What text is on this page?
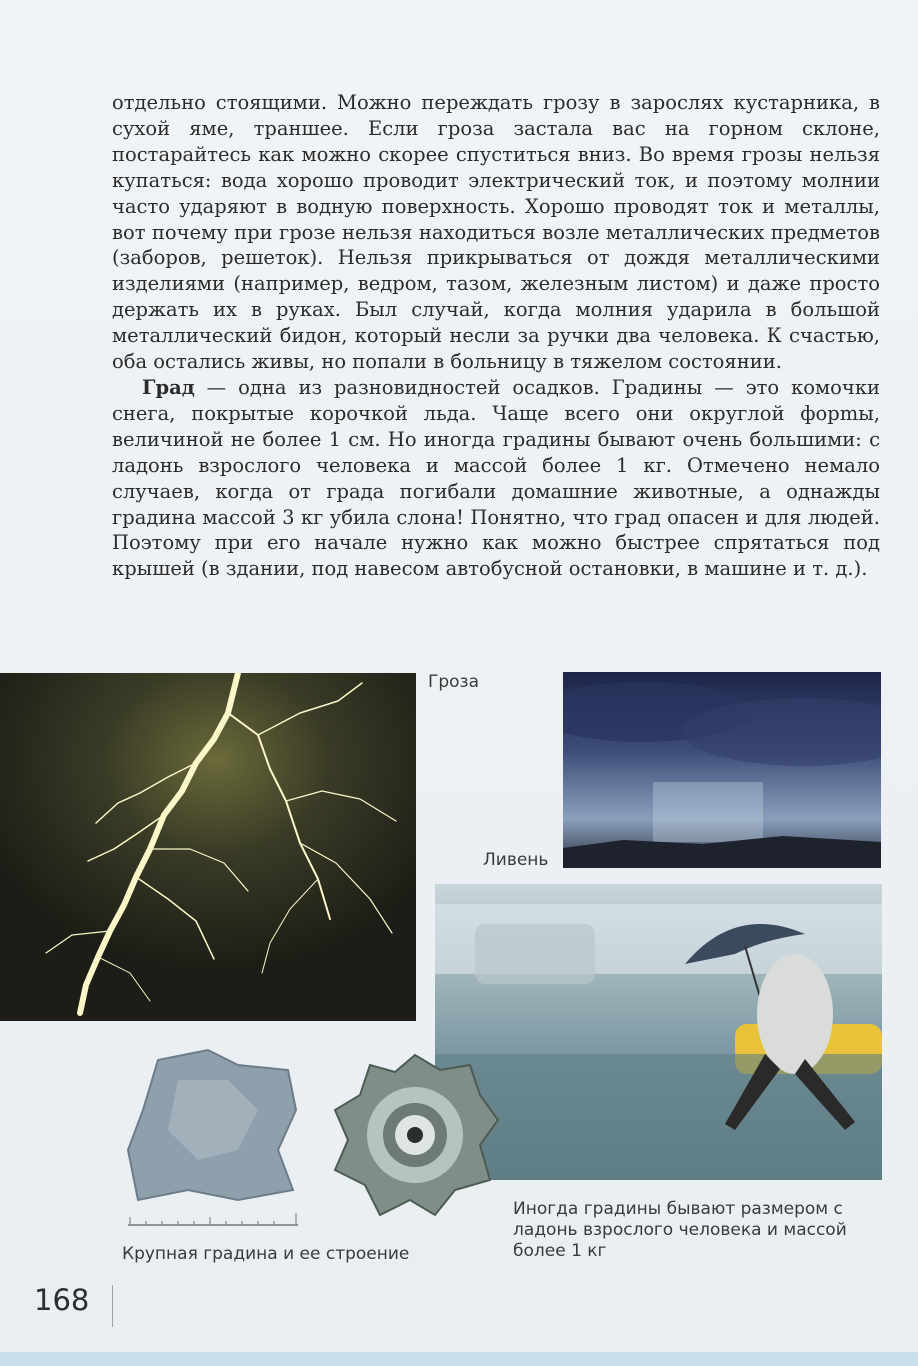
отдельно стоящими. Можно переждать грозу в зарослях кустарника, в сухой яме, траншее. Если гроза застала вас на горном склоне, постарайтесь как можно скорее спуститься вниз. Во время грозы нельзя купаться: вода хорошо проводит электрический ток, и поэтому молнии часто ударяют в водную поверхность. Хорошо проводят ток и металлы, вот почему при грозе нельзя находиться возле металлических предметов (заборов, решеток). Нельзя прикрываться от дождя металлическими изделиями (например, ведром, тазом, железным листом) и даже просто держать их в руках. Был случай, когда молния ударила в большой металлический бидон, который несли за ручки два человека. К счастью, оба остались живы, но попали в больницу в тяжелом состоянии.

Град — одна из разновидностей осадков. Градины — это комочки снега, покрытые корочкой льда. Чаще всего они округлой форmы, величиной не более 1 см. Но иногда градины бывают очень большими: с ладонь взрослого человека и массой более 1 кг. Отмечено немало случаев, когда от града погибали домашние животные, а однажды градина массой 3 кг убила слона! Понятно, что град опасен и для людей. Поэтому при его начале нужно как можно быстрее спрятаться под крышей (в здании, под навесом автобусной остановки, в машине и т. д.).

Гроза
Ливень
Крупная градина и ее строение
Иногда градины бывают размером с ладонь взрослого человека и массой более 1 кг
168
